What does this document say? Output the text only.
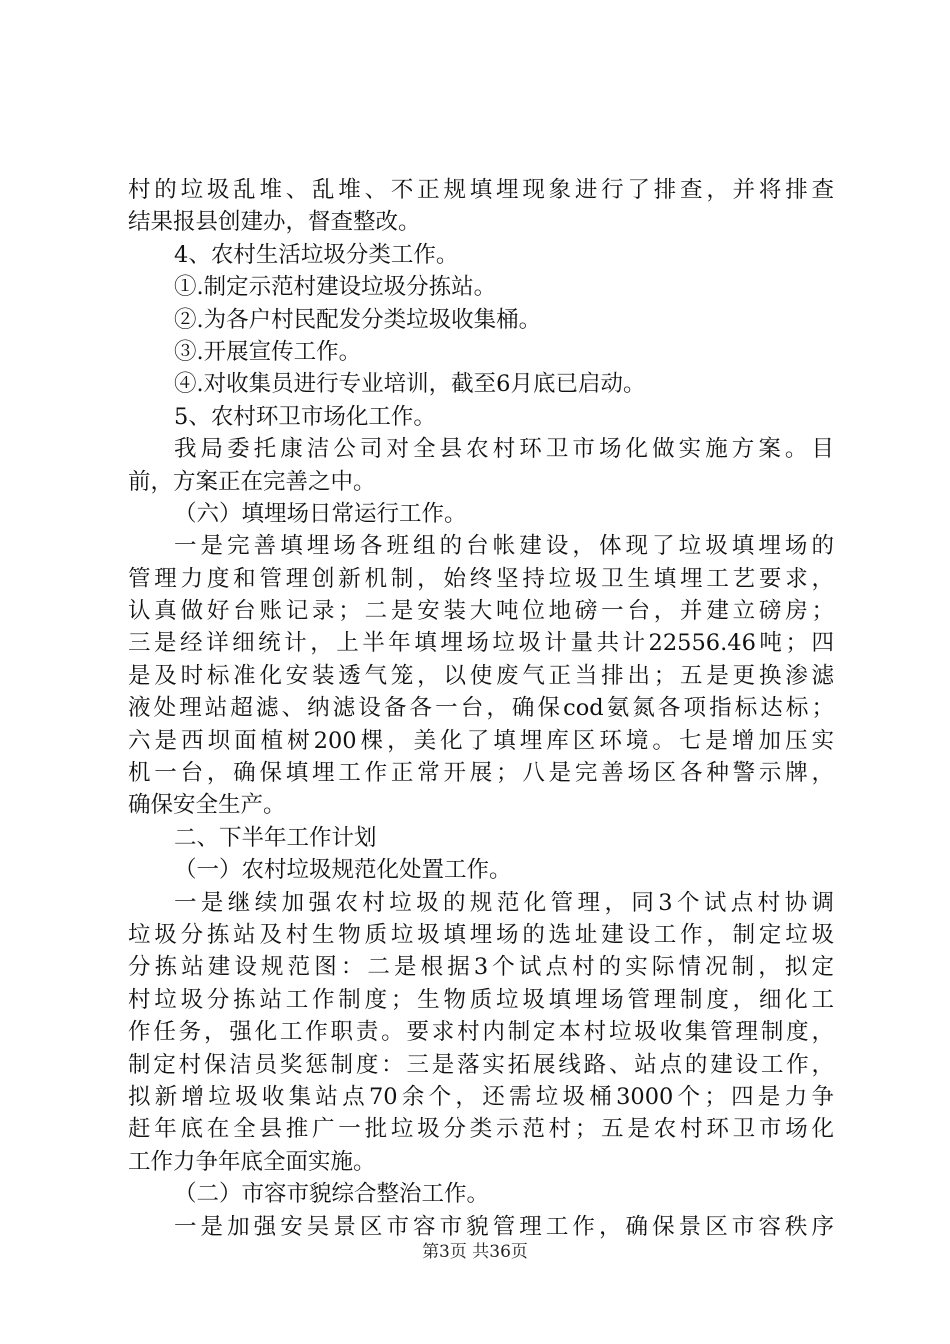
村的垃圾乱堆、乱堆、不正规填埋现象进行了排查，并将排查
结果报县创建办，督查整改。
4、农村生活垃圾分类工作。
①.制定示范村建设垃圾分拣站。
②.为各户村民配发分类垃圾收集桶。
③.开展宣传工作。
④.对收集员进行专业培训，截至6月底已启动。
5、农村环卫市场化工作。
我局委托康洁公司对全县农村环卫市场化做实施方案。目
前，方案正在完善之中。
（六）填埋场日常运行工作。
一是完善填埋场各班组的台帐建设，体现了垃圾填埋场的
管理力度和管理创新机制，始终坚持垃圾卫生填埋工艺要求，
认真做好台账记录；二是安装大吨位地磅一台，并建立磅房；
三是经详细统计，上半年填埋场垃圾计量共计22556.46吨；四
是及时标准化安装透气笼，以使废气正当排出；五是更换渗滤
液处理站超滤、纳滤设备各一台，确保cod氨氮各项指标达标；
六是西坝面植树200棵，美化了填埋库区环境。七是增加压实
机一台，确保填埋工作正常开展；八是完善场区各种警示牌，
确保安全生产。
二、下半年工作计划
（一）农村垃圾规范化处置工作。
一是继续加强农村垃圾的规范化管理，同3个试点村协调
垃圾分拣站及村生物质垃圾填埋场的选址建设工作，制定垃圾
分拣站建设规范图：二是根据3个试点村的实际情况制，拟定
村垃圾分拣站工作制度；生物质垃圾填埋场管理制度，细化工
作任务，强化工作职责。要求村内制定本村垃圾收集管理制度，
制定村保洁员奖惩制度：三是落实拓展线路、站点的建设工作，
拟新增垃圾收集站点70余个，还需垃圾桶3000个；四是力争
赶年底在全县推广一批垃圾分类示范村；五是农村环卫市场化
工作力争年底全面实施。
（二）市容市貌综合整治工作。
一是加强安吴景区市容市貌管理工作，确保景区市容秩序
第3页 共36页
